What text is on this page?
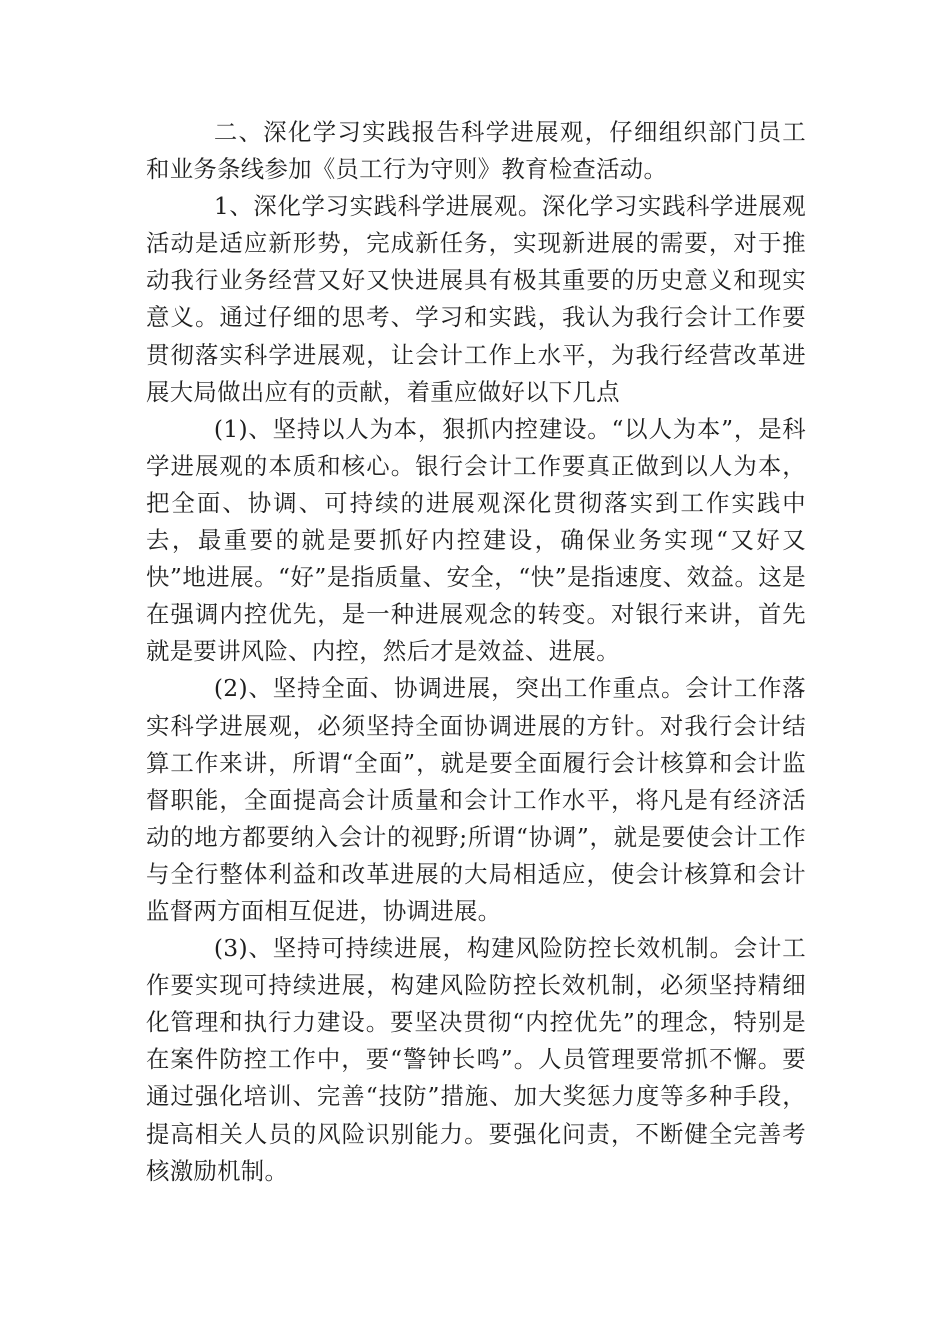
二、深化学习实践报告科学进展观，仔细组织部门员工和业务条线参加《员工行为守则》教育检查活动。

1、深化学习实践科学进展观。深化学习实践科学进展观活动是适应新形势，完成新任务，实现新进展的需要，对于推动我行业务经营又好又快进展具有极其重要的历史意义和现实意义。通过仔细的思考、学习和实践，我认为我行会计工作要贯彻落实科学进展观，让会计工作上水平，为我行经营改革进展大局做出应有的贡献，着重应做好以下几点

(1)、坚持以人为本，狠抓内控建设。“以人为本”，是科学进展观的本质和核心。银行会计工作要真正做到以人为本，把全面、协调、可持续的进展观深化贯彻落实到工作实践中去，最重要的就是要抓好内控建设，确保业务实现“又好又快”地进展。“好”是指质量、安全，“快”是指速度、效益。这是在强调内控优先，是一种进展观念的转变。对银行来讲，首先就是要讲风险、内控，然后才是效益、进展。

(2)、坚持全面、协调进展，突出工作重点。会计工作落实科学进展观，必须坚持全面协调进展的方针。对我行会计结算工作来讲，所谓“全面”，就是要全面履行会计核算和会计监督职能，全面提高会计质量和会计工作水平，将凡是有经济活动的地方都要纳入会计的视野;所谓“协调”，就是要使会计工作与全行整体利益和改革进展的大局相适应，使会计核算和会计监督两方面相互促进，协调进展。

(3)、坚持可持续进展，构建风险防控长效机制。会计工作要实现可持续进展，构建风险防控长效机制，必须坚持精细化管理和执行力建设。要坚决贯彻“内控优先”的理念，特别是在案件防控工作中，要“警钟长鸣”。人员管理要常抓不懈。要通过强化培训、完善“技防”措施、加大奖惩力度等多种手段，提高相关人员的风险识别能力。要强化问责，不断健全完善考核激励机制。
